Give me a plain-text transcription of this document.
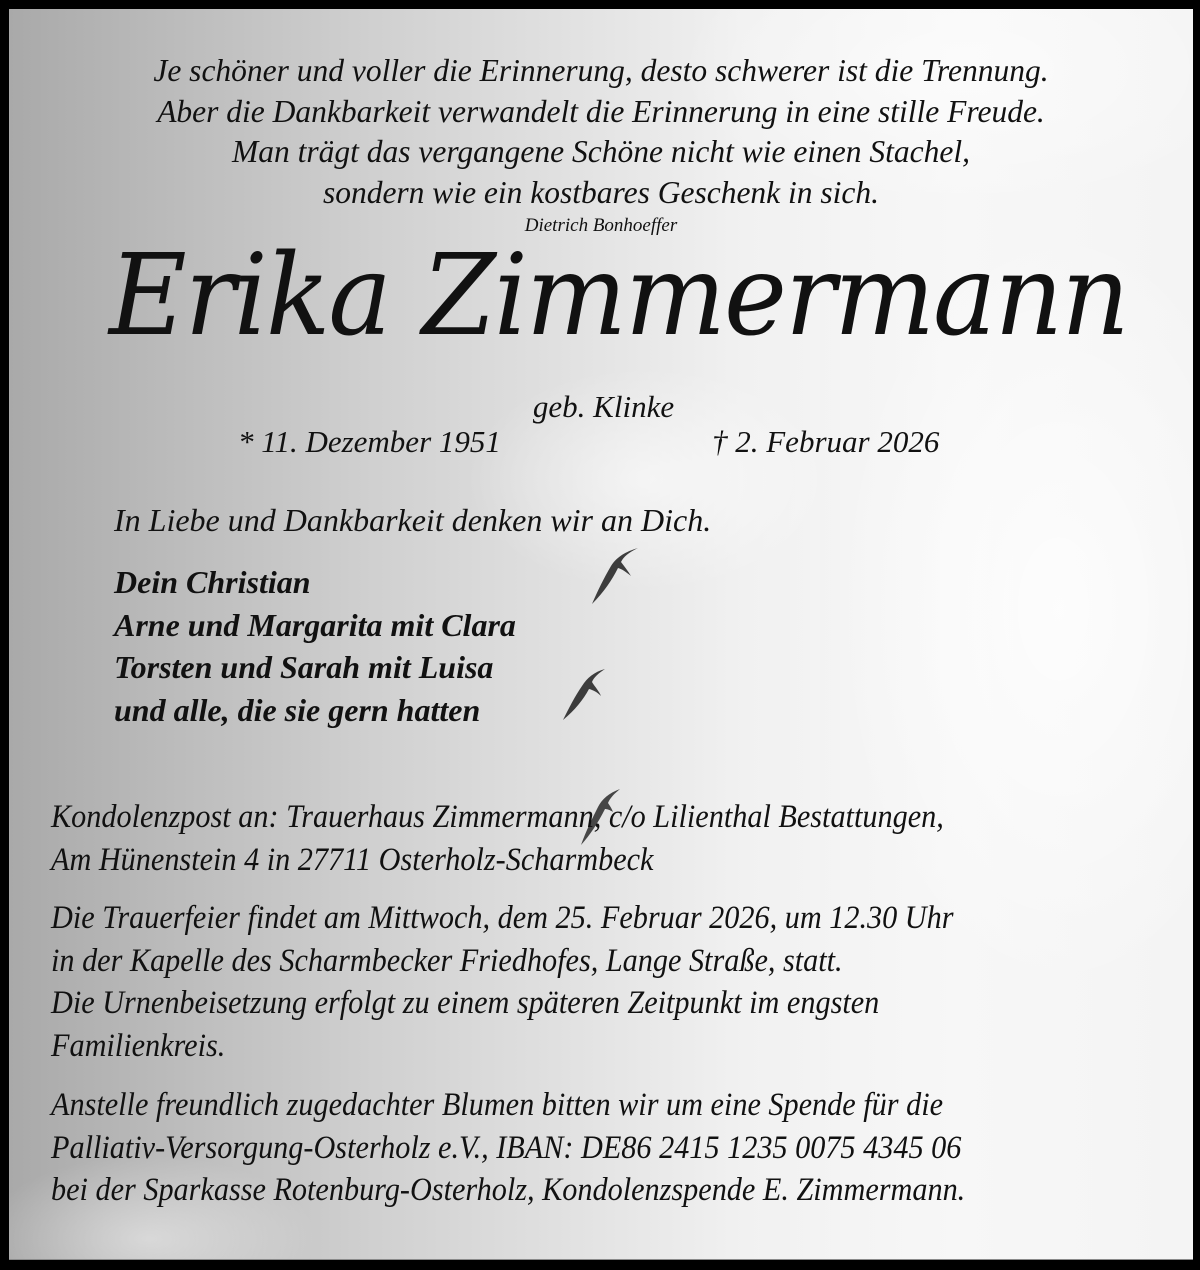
Je schöner und voller die Erinnerung, desto schwerer ist die Trennung.
Aber die Dankbarkeit verwandelt die Erinnerung in eine stille Freude.
Man trägt das vergangene Schöne nicht wie einen Stachel,
sondern wie ein kostbares Geschenk in sich.
Dietrich Bonhoeffer
Erika Zimmermann
geb. Klinke
* 11. Dezember 1951	† 2. Februar 2026
In Liebe und Dankbarkeit denken wir an Dich.
Dein Christian
Arne und Margarita mit Clara
Torsten und Sarah mit Luisa
und alle, die sie gern hatten
Kondolenzpost an: Trauerhaus Zimmermann, c/o Lilienthal Bestattungen,
Am Hünenstein 4 in 27711 Osterholz-Scharmbeck
Die Trauerfeier findet am Mittwoch, dem 25. Februar 2026, um 12.30 Uhr
in der Kapelle des Scharmbecker Friedhofes, Lange Straße, statt.
Die Urnenbeisetzung erfolgt zu einem späteren Zeitpunkt im engsten
Familienkreis.
Anstelle freundlich zugedachter Blumen bitten wir um eine Spende für die
Palliativ-Versorgung-Osterholz e.V., IBAN: DE86 2415 1235 0075 4345 06
bei der Sparkasse Rotenburg-Osterholz, Kondolenzspende E. Zimmermann.
